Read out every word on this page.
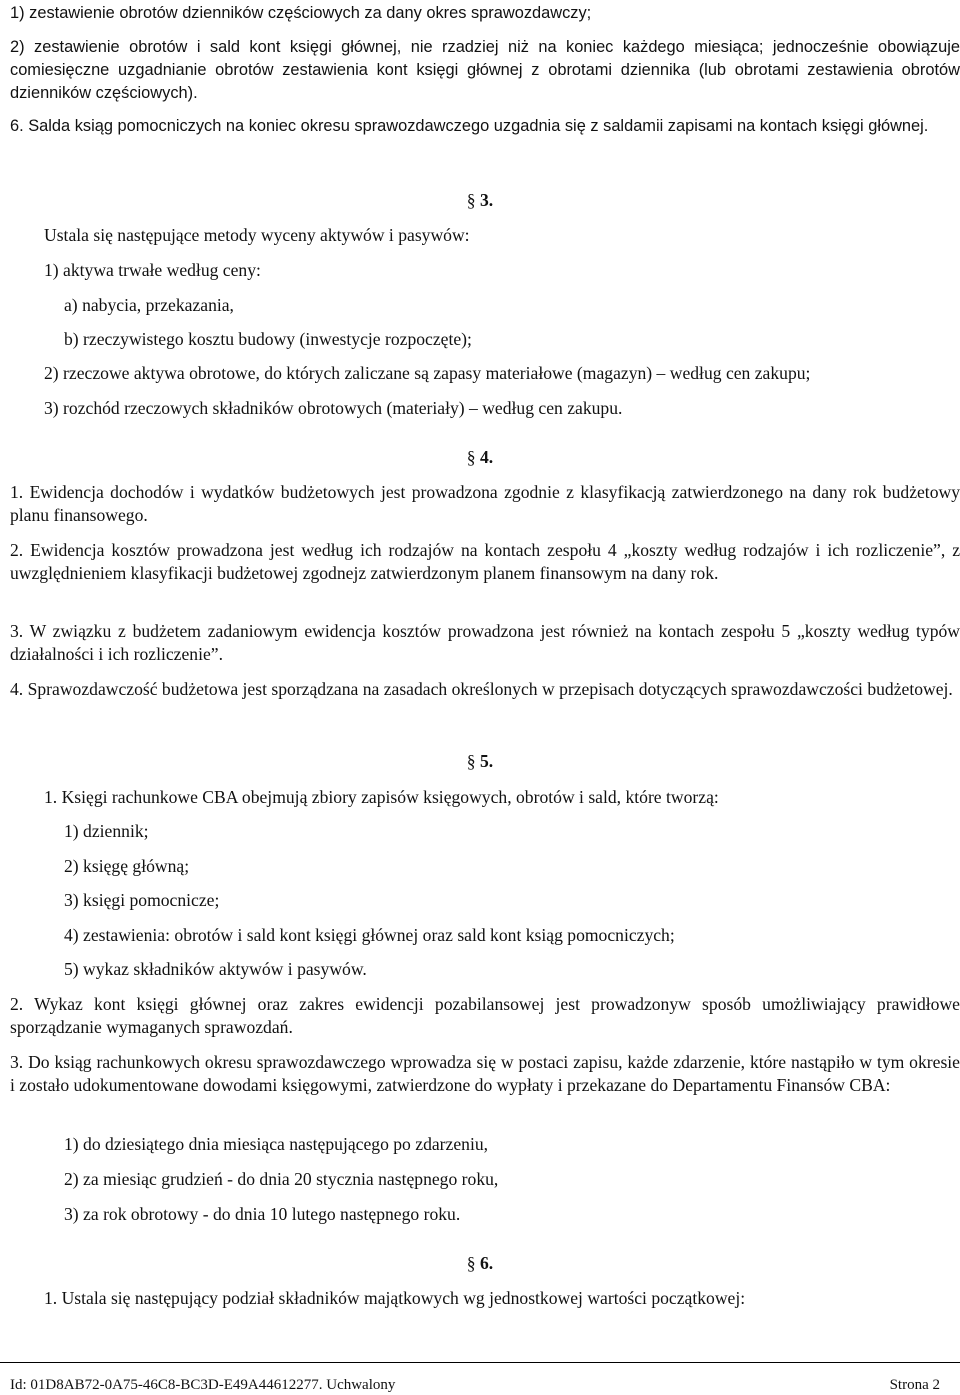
1) zestawienie obrotów dzienników częściowych za dany okres sprawozdawczy;

2) zestawienie obrotów i sald kont księgi głównej, nie rzadziej niż na koniec każdego miesiąca; jednocześnie obowiązuje comiesięczne uzgadnianie obrotów zestawienia kont księgi głównej z obrotami dziennika (lub obrotami zestawienia obrotów dzienników częściowych).

6. Salda ksiąg pomocniczych na koniec okresu sprawozdawczego uzgadnia się z saldamii zapisami na kontach księgi głównej.

§ 3.

Ustala się następujące metody wyceny aktywów i pasywów:

1) aktywa trwałe według ceny:

a) nabycia, przekazania,

b) rzeczywistego kosztu budowy (inwestycje rozpoczęte);

2) rzeczowe aktywa obrotowe, do których zaliczane są zapasy materiałowe (magazyn) – według cen zakupu;

3) rozchód rzeczowych składników obrotowych (materiały) – według cen zakupu.

§ 4.

1. Ewidencja dochodów i wydatków budżetowych jest prowadzona zgodnie z klasyfikacją zatwierdzonego na dany rok budżetowy planu finansowego.

2. Ewidencja kosztów prowadzona jest według ich rodzajów na kontach zespołu 4 „koszty według rodzajów i ich rozliczenie”, z uwzględnieniem klasyfikacji budżetowej zgodnejz zatwierdzonym planem finansowym na dany rok.

3. W związku z budżetem zadaniowym ewidencja kosztów prowadzona jest również na kontach zespołu 5 „koszty według typów działalności i ich rozliczenie”.

4. Sprawozdawczość budżetowa jest sporządzana na zasadach określonych w przepisach dotyczących sprawozdawczości budżetowej.

§ 5.

1. Księgi rachunkowe CBA obejmują zbiory zapisów księgowych, obrotów i sald, które tworzą:

1) dziennik;

2) księgę główną;

3) księgi pomocnicze;

4) zestawienia: obrotów i sald kont księgi głównej oraz sald kont ksiąg pomocniczych;

5) wykaz składników aktywów i pasywów.

2. Wykaz kont księgi głównej oraz zakres ewidencji pozabilansowej jest prowadzonyw sposób umożliwiający prawidłowe sporządzanie wymaganych sprawozdań.

3. Do ksiąg rachunkowych okresu sprawozdawczego wprowadza się w postaci zapisu, każde zdarzenie, które nastąpiło w tym okresie i zostało udokumentowane dowodami księgowymi, zatwierdzone do wypłaty i przekazane do Departamentu Finansów CBA:

1) do dziesiątego dnia miesiąca następującego po zdarzeniu,

2) za miesiąc grudzień - do dnia 20 stycznia następnego roku,

3) za rok obrotowy - do dnia 10 lutego następnego roku.

§ 6.

1. Ustala się następujący podział składników majątkowych wg jednostkowej wartości początkowej:

Id: 01D8AB72-0A75-46C8-BC3D-E49A44612277. Uchwalony	Strona 2
